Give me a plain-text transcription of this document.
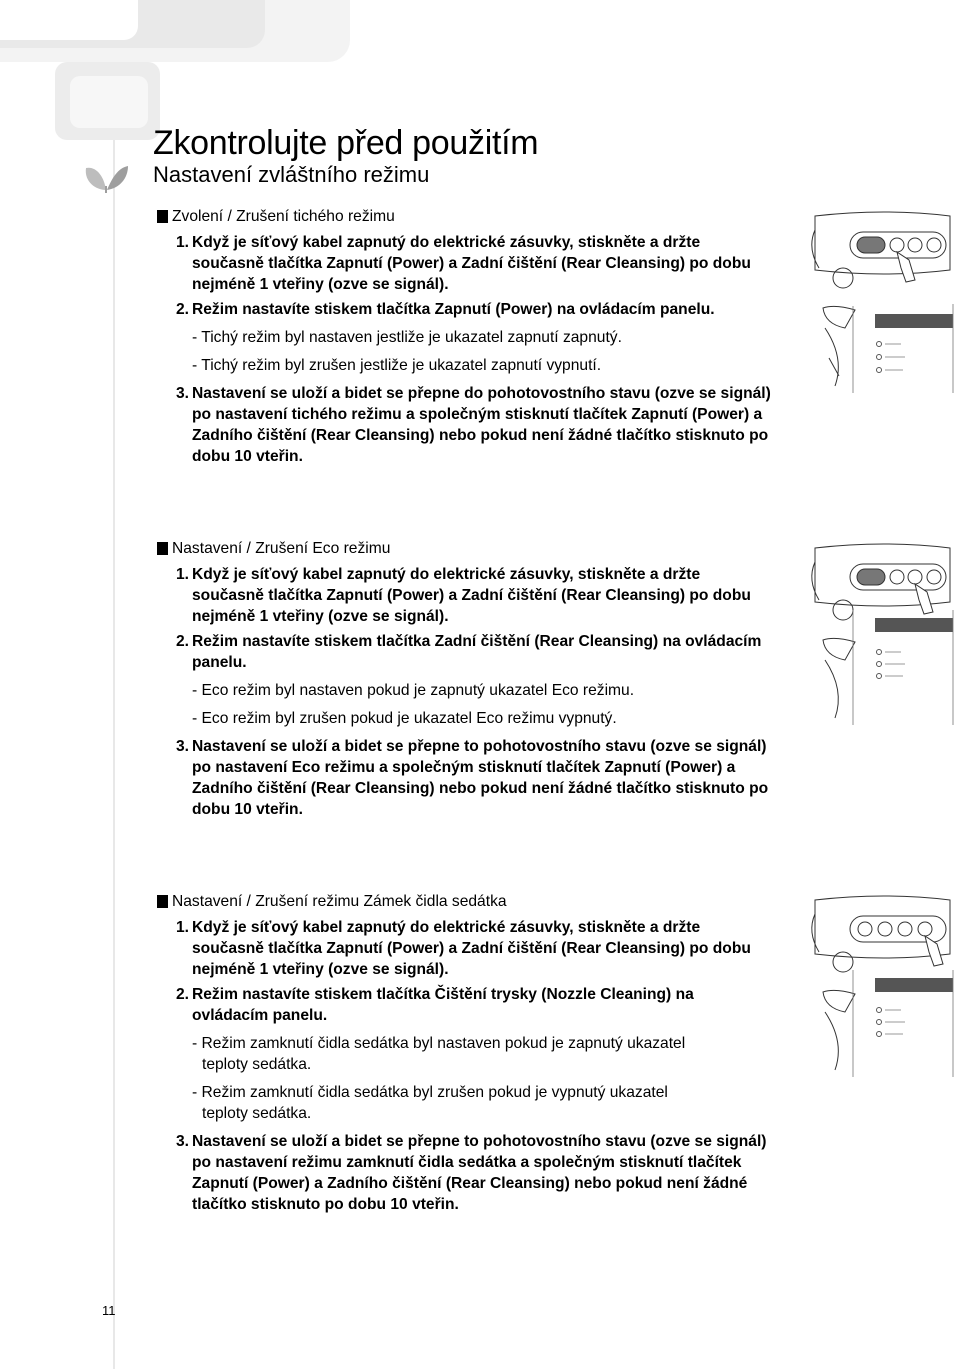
Zkontrolujte před použitím
Nastavení zvláštního režimu
Zvolení / Zrušení tichého režimu
1. Když je síťový kabel zapnutý do elektrické zásuvky, stiskněte a držte současně tlačítka Zapnutí (Power) a Zadní čištění (Rear Cleansing) po dobu nejméně 1 vteřiny (ozve se signál).
2. Režim nastavíte stiskem tlačítka Zapnutí (Power) na ovládacím panelu.
- Tichý režim byl nastaven jestliže je ukazatel zapnutí zapnutý.
- Tichý režim byl zrušen jestliže je ukazatel zapnutí vypnutí.
3. Nastavení se uloží a bidet se přepne do pohotovostního stavu (ozve se signál) po nastavení tichého režimu a společným stisknutí tlačítek Zapnutí (Power) a Zadního čištění (Rear Cleansing) nebo pokud není žádné tlačítko stisknuto po dobu 10 vteřin.
Nastavení / Zrušení Eco režimu
1. Když je síťový kabel zapnutý do elektrické zásuvky, stiskněte a držte současně tlačítka Zapnutí (Power) a Zadní čištění (Rear Cleansing) po dobu nejméně 1 vteřiny (ozve se signál).
2. Režim nastavíte stiskem tlačítka Zadní čištění (Rear Cleansing) na ovládacím panelu.
- Eco režim byl nastaven pokud je zapnutý ukazatel Eco režimu.
- Eco režim byl zrušen pokud je ukazatel Eco režimu vypnutý.
3. Nastavení se uloží a bidet se přepne to pohotovostního stavu (ozve se signál) po nastavení Eco režimu a společným stisknutí tlačítek Zapnutí (Power) a Zadního čištění (Rear Cleansing) nebo pokud není žádné tlačítko stisknuto po dobu 10 vteřin.
Nastavení / Zrušení režimu Zámek čidla sedátka
1. Když je síťový kabel zapnutý do elektrické zásuvky, stiskněte a držte současně tlačítka Zapnutí (Power) a Zadní čištění (Rear Cleansing) po dobu nejméně 1 vteřiny (ozve se signál).
2. Režim nastavíte stiskem tlačítka Čištění trysky (Nozzle Cleaning) na ovládacím panelu.
- Režim zamknutí čidla sedátka byl nastaven pokud je zapnutý ukazatel
teploty sedátka.
- Režim zamknutí čidla sedátka byl zrušen pokud je vypnutý ukazatel
teploty sedátka.
3. Nastavení se uloží a bidet se přepne to pohotovostního stavu (ozve se signál) po nastavení režimu zamknutí čidla sedátka a společným stisknutí tlačítek Zapnutí (Power) a Zadního čištění (Rear Cleansing) nebo pokud není žádné tlačítko stisknuto po dobu 10 vteřin.
11
